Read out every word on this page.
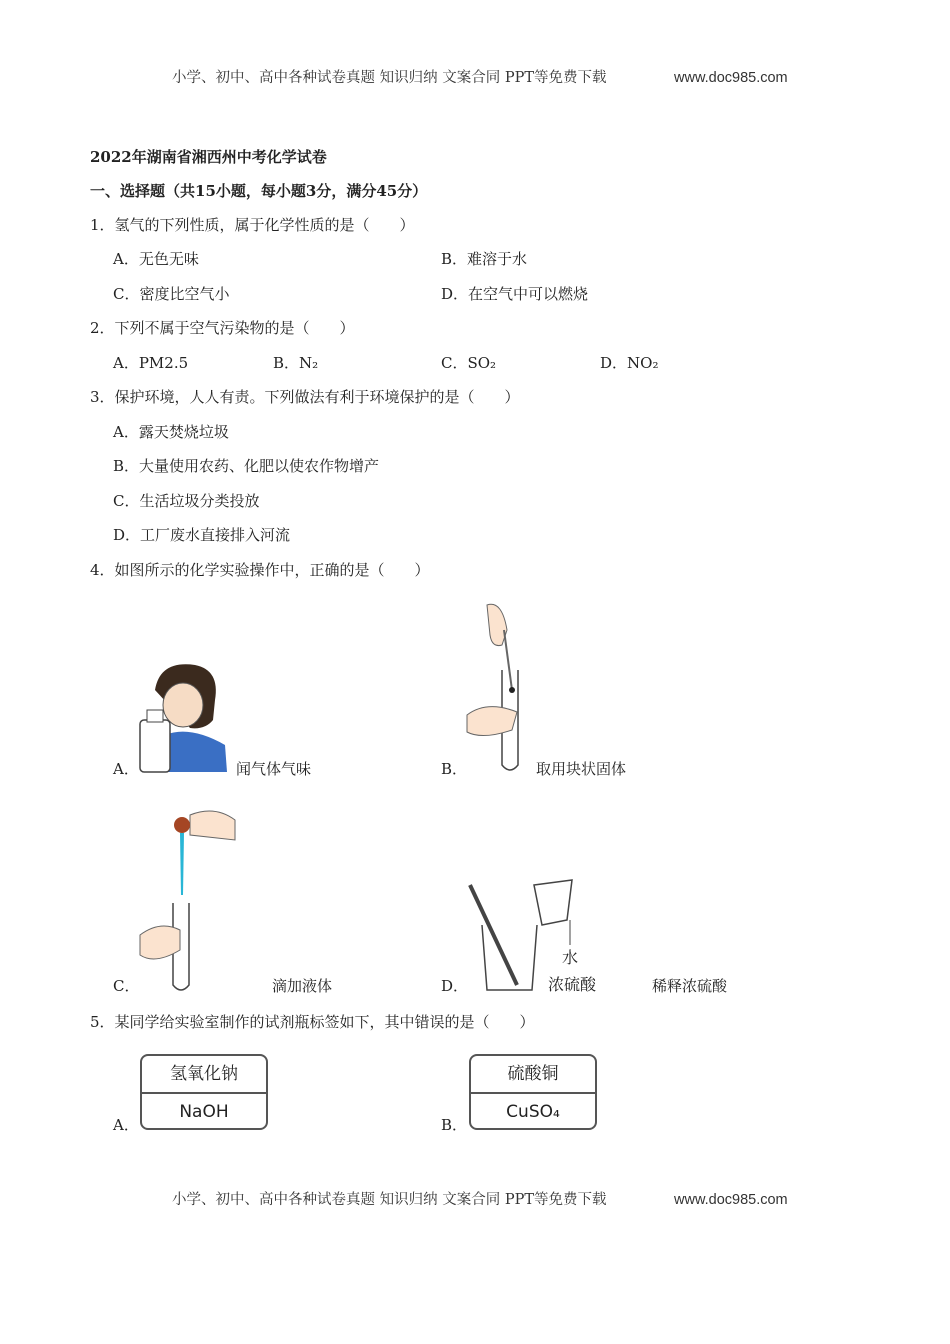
小学、初中、高中各种试卷真题 知识归纳 文案合同 PPT等免费下载	www.doc985.com
2022年湖南省湘西州中考化学试卷
一、选择题（共15小题，每小题3分，满分45分）
1．氢气的下列性质，属于化学性质的是（　　）
A．无色无味	B．难溶于水
C．密度比空气小	D．在空气中可以燃烧
2．下列不属于空气污染物的是（　　）
A．PM2.5	B．N₂	C．SO₂	D．NO₂
3．保护环境，人人有责。下列做法有利于环境保护的是（　　）
A．露天焚烧垃圾
B．大量使用农药、化肥以使农作物增产
C．生活垃圾分类投放
D．工厂废水直接排入河流
4．如图所示的化学实验操作中，正确的是（　　）
A．	闻气体气味	B．	取用块状固体
C．	滴加液体
水
浓硫酸
D．	稀释浓硫酸
5．某同学给实验室制作的试剂瓶标签如下，其中错误的是（　　）
A．
氢氧化钠
NaOH
B．
硫酸铜
CuSO₄
小学、初中、高中各种试卷真题 知识归纳 文案合同 PPT等免费下载	www.doc985.com
